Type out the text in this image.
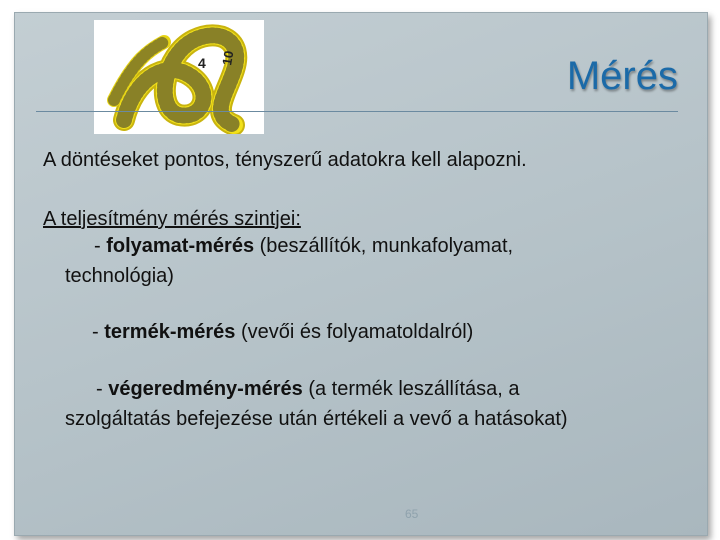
4 10	Mérés
A döntéseket pontos, tényszerű adatokra kell alapozni.
A teljesítmény mérés szintjei:
- folyamat-mérés (beszállítók, munkafolyamat,
technológia)
- termék-mérés (vevői és folyamatoldalról)
- végeredmény-mérés (a termék leszállítása, a
szolgáltatás befejezése után értékeli a vevő a hatásokat)
65
